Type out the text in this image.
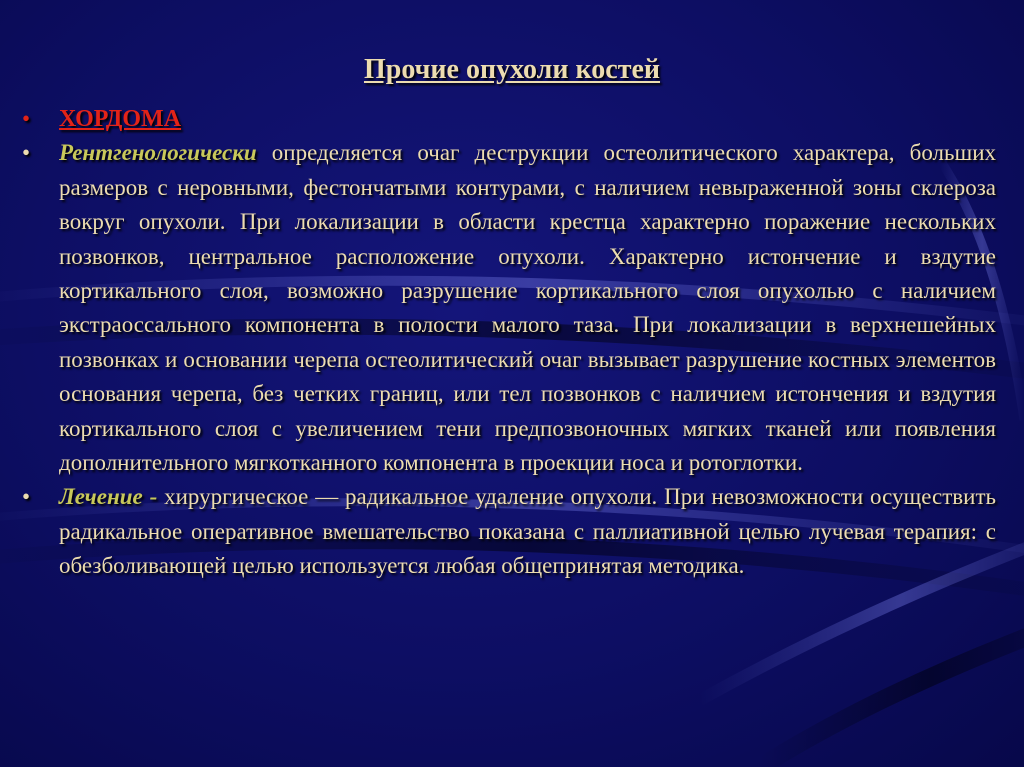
Прочие опухоли костей
•	ХОРДОМА
•	Рентгенологически определяется очаг деструкции остеолитического характера, больших размеров с неровными, фестончатыми контурами, с наличием невыраженной зоны склероза вокруг опухоли. При локализации в области крестца характерно поражение нескольких позвонков, центральное расположение опухоли. Характерно истончение и вздутие кортикального слоя, возможно разрушение кортикального слоя опухолью с наличием экстраоссального компонента в полости малого таза. При локализации в верхнешейных позвонках и основании черепа остеолитический очаг вызывает разрушение костных элементов основания черепа, без четких границ, или тел позвонков с наличием истончения и вздутия кортикального слоя с увеличением тени предпозвоночных мягких тканей или появления дополнительного мягкотканного компонента в проекции носа и ротоглотки.
•	Лечение - хирургическое — радикальное удаление опухоли. При невозможности осуществить радикальное оперативное вмешательство показана с паллиативной целью лучевая терапия: с обезболивающей целью используется любая общепринятая методика.
